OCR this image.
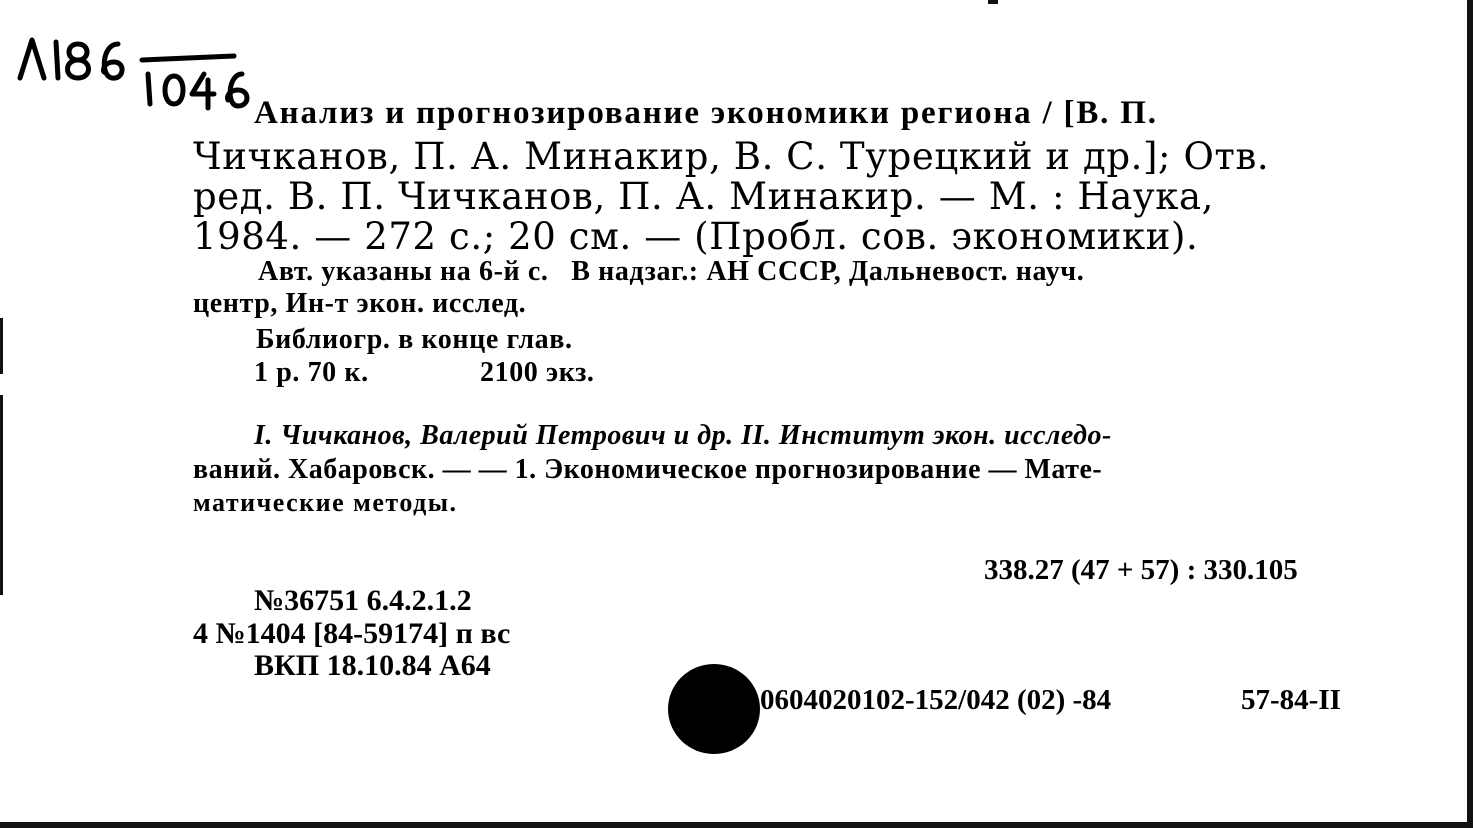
Анализ и прогнозирование экономики региона / [В. П.

Чичканов, П. А. Минакир, В. С. Турецкий и др.]; Отв.

ред. В. П. Чичканов, П. А. Минакир. — М. : Наука,

1984. — 272 с.; 20 см. — (Пробл. сов. экономики).

Авт. указаны на 6-й с. В надзаг.: АН СССР, Дальневост. науч.

центр, Ин-т экон. исслед.

Библиогр. в конце глав.

1 р. 70 к.	2100 экз.

I. Чичканов, Валерий Петрович и др. II. Институт экон. исследо-

ваний. Хабаровск. — — 1. Экономическое прогнозирование — Мате-

матические методы.

338.27 (47 + 57) : 330.105

№36751 6.4.2.1.2

4 №1404 [84-59174] п вс

ВКП 18.10.84 А64

0604020102-152/042 (02) -84	57-84-II
